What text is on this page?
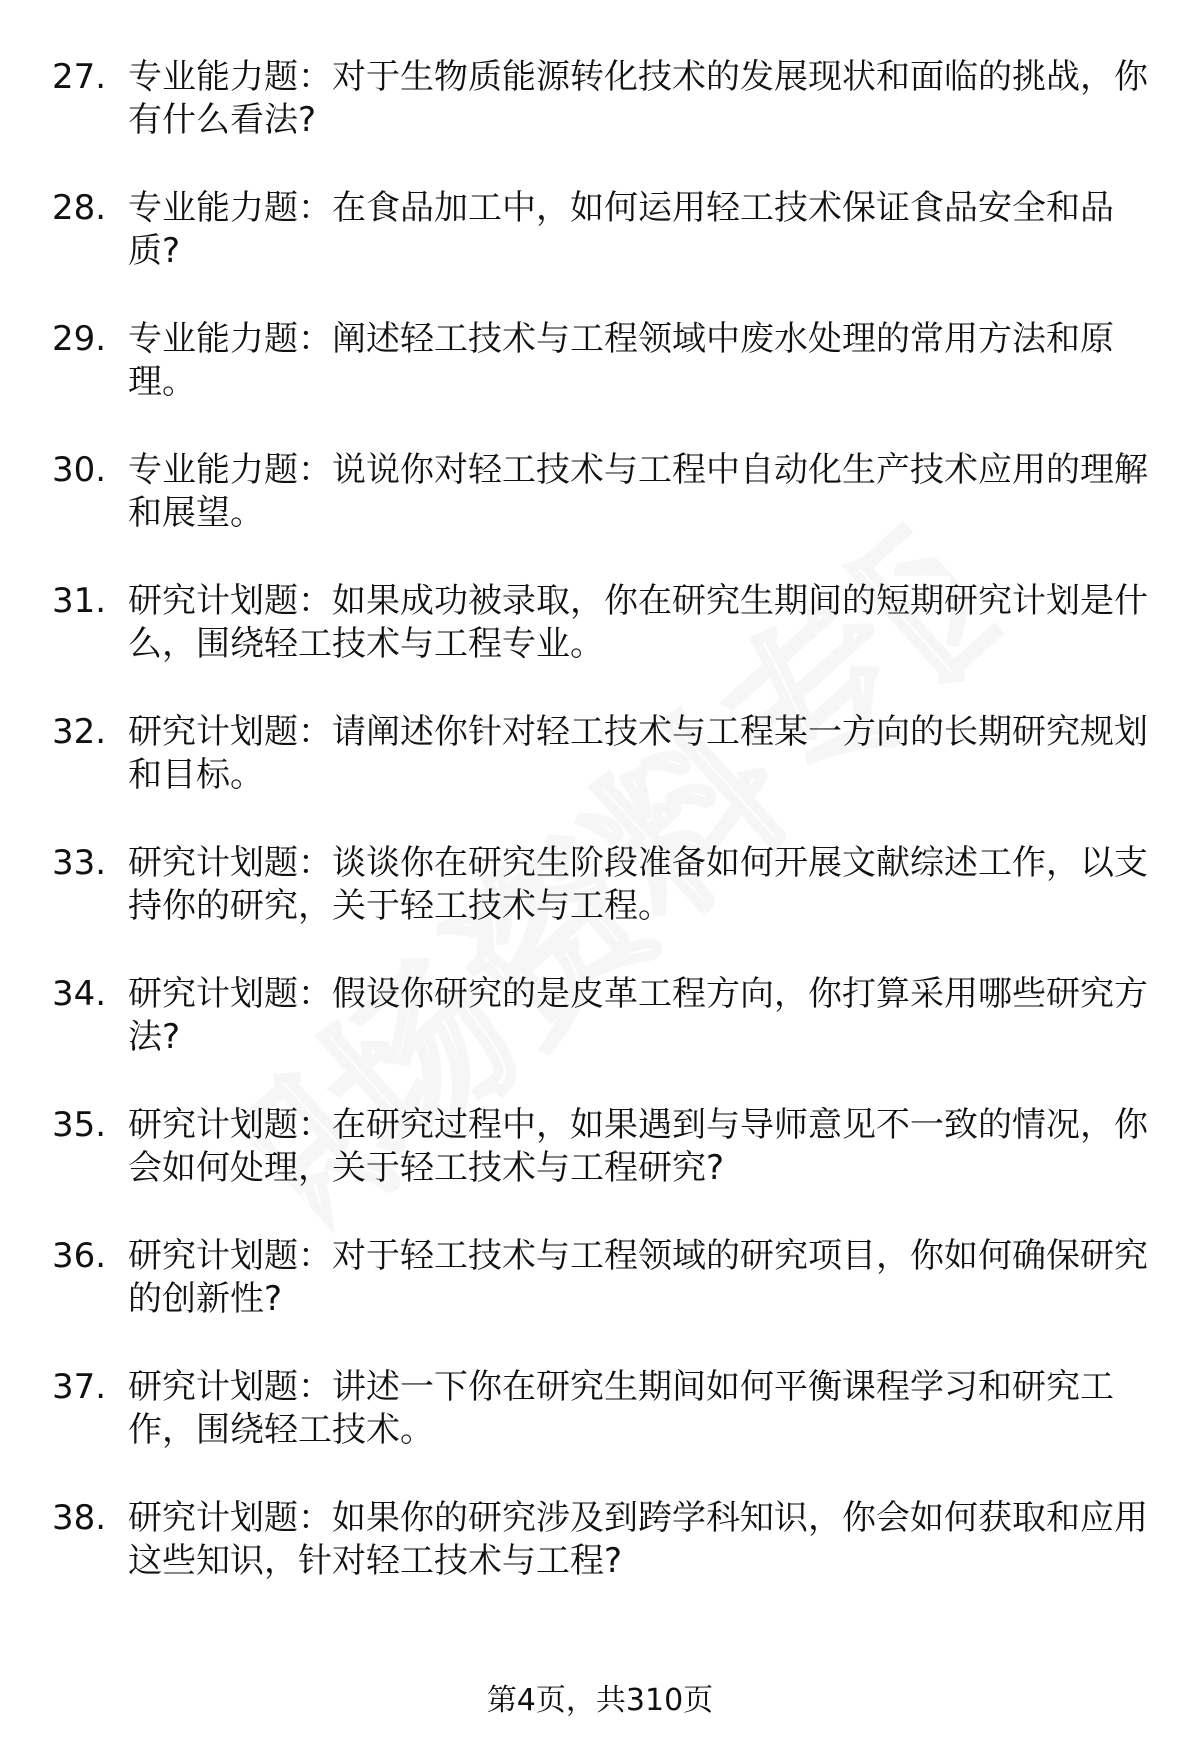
职场资料专区
27. 专业能力题：对于生物质能源转化技术的发展现状和面临的挑战，你有什么看法?
28. 专业能力题：在食品加工中，如何运用轻工技术保证食品安全和品质?
29. 专业能力题：阐述轻工技术与工程领域中废水处理的常用方法和原理。
30. 专业能力题：说说你对轻工技术与工程中自动化生产技术应用的理解和展望。
31. 研究计划题：如果成功被录取，你在研究生期间的短期研究计划是什么，围绕轻工技术与工程专业。
32. 研究计划题：请阐述你针对轻工技术与工程某一方向的长期研究规划和目标。
33. 研究计划题：谈谈你在研究生阶段准备如何开展文献综述工作，以支持你的研究，关于轻工技术与工程。
34. 研究计划题：假设你研究的是皮革工程方向，你打算采用哪些研究方法?
35. 研究计划题：在研究过程中，如果遇到与导师意见不一致的情况，你会如何处理，关于轻工技术与工程研究?
36. 研究计划题：对于轻工技术与工程领域的研究项目，你如何确保研究的创新性?
37. 研究计划题：讲述一下你在研究生期间如何平衡课程学习和研究工作，围绕轻工技术。
38. 研究计划题：如果你的研究涉及到跨学科知识，你会如何获取和应用这些知识，针对轻工技术与工程?
第4页，共310页
